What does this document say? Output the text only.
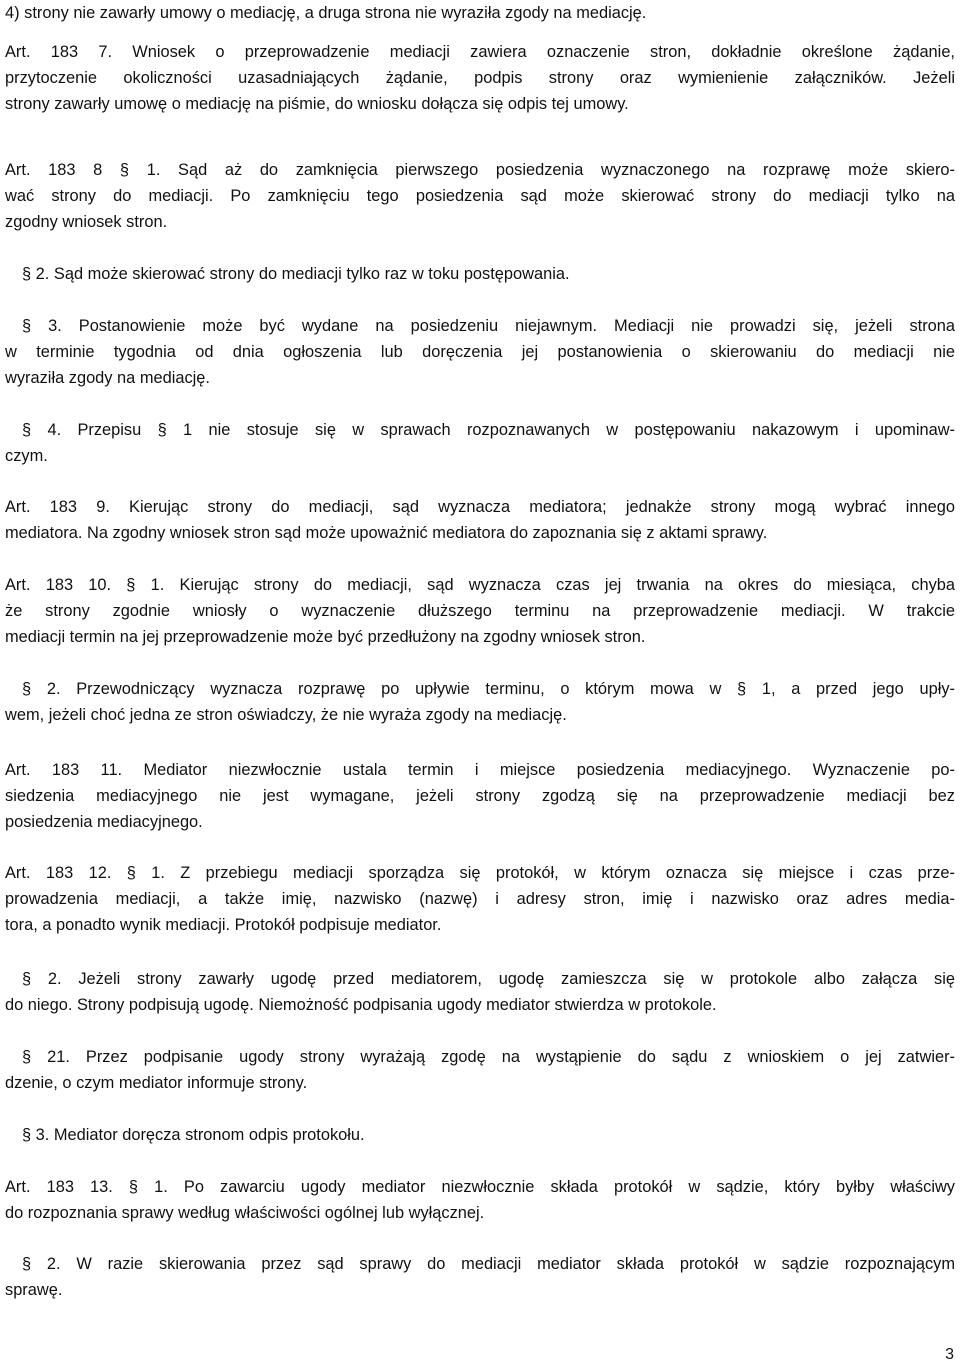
4) strony nie zawarły umowy o mediację, a druga strona nie wyraziła zgody na mediację.

Art. 183 7. Wniosek o przeprowadzenie mediacji zawiera oznaczenie stron, dokładnie określone żądanie,
przytoczenie okoliczności uzasadniających żądanie, podpis strony oraz wymienienie załączników. Jeżeli
strony zawarły umowę o mediację na piśmie, do wniosku dołącza się odpis tej umowy.

Art. 183 8 § 1. Sąd aż do zamknięcia pierwszego posiedzenia wyznaczonego na rozprawę może skiero-
wać strony do mediacji. Po zamknięciu tego posiedzenia sąd może skierować strony do mediacji tylko na
zgodny wniosek stron.

§ 2. Sąd może skierować strony do mediacji tylko raz w toku postępowania.

§ 3. Postanowienie może być wydane na posiedzeniu niejawnym. Mediacji nie prowadzi się, jeżeli strona
w terminie tygodnia od dnia ogłoszenia lub doręczenia jej postanowienia o skierowaniu do mediacji nie
wyraziła zgody na mediację.

§ 4. Przepisu § 1 nie stosuje się w sprawach rozpoznawanych w postępowaniu nakazowym i upominaw-
czym.

Art. 183 9. Kierując strony do mediacji, sąd wyznacza mediatora; jednakże strony mogą wybrać innego
mediatora. Na zgodny wniosek stron sąd może upoważnić mediatora do zapoznania się z aktami sprawy.

Art. 183 10. § 1. Kierując strony do mediacji, sąd wyznacza czas jej trwania na okres do miesiąca, chyba
że strony zgodnie wniosły o wyznaczenie dłuższego terminu na przeprowadzenie mediacji. W trakcie
mediacji termin na jej przeprowadzenie może być przedłużony na zgodny wniosek stron.

§ 2. Przewodniczący wyznacza rozprawę po upływie terminu, o którym mowa w § 1, a przed jego upły-
wem, jeżeli choć jedna ze stron oświadczy, że nie wyraża zgody na mediację.

Art. 183 11. Mediator niezwłocznie ustala termin i miejsce posiedzenia mediacyjnego. Wyznaczenie po-
siedzenia mediacyjnego nie jest wymagane, jeżeli strony zgodzą się na przeprowadzenie mediacji bez
posiedzenia mediacyjnego.

Art. 183 12. § 1. Z przebiegu mediacji sporządza się protokół, w którym oznacza się miejsce i czas prze-
prowadzenia mediacji, a także imię, nazwisko (nazwę) i adresy stron, imię i nazwisko oraz adres media-
tora, a ponadto wynik mediacji. Protokół podpisuje mediator.

§ 2. Jeżeli strony zawarły ugodę przed mediatorem, ugodę zamieszcza się w protokole albo załącza się
do niego. Strony podpisują ugodę. Niemożność podpisania ugody mediator stwierdza w protokole.

§ 21. Przez podpisanie ugody strony wyrażają zgodę na wystąpienie do sądu z wnioskiem o jej zatwier-
dzenie, o czym mediator informuje strony.

§ 3. Mediator doręcza stronom odpis protokołu.

Art. 183 13. § 1. Po zawarciu ugody mediator niezwłocznie składa protokół w sądzie, który byłby właściwy
do rozpoznania sprawy według właściwości ogólnej lub wyłącznej.

§ 2. W razie skierowania przez sąd sprawy do mediacji mediator składa protokół w sądzie rozpoznającym
sprawę.

3
